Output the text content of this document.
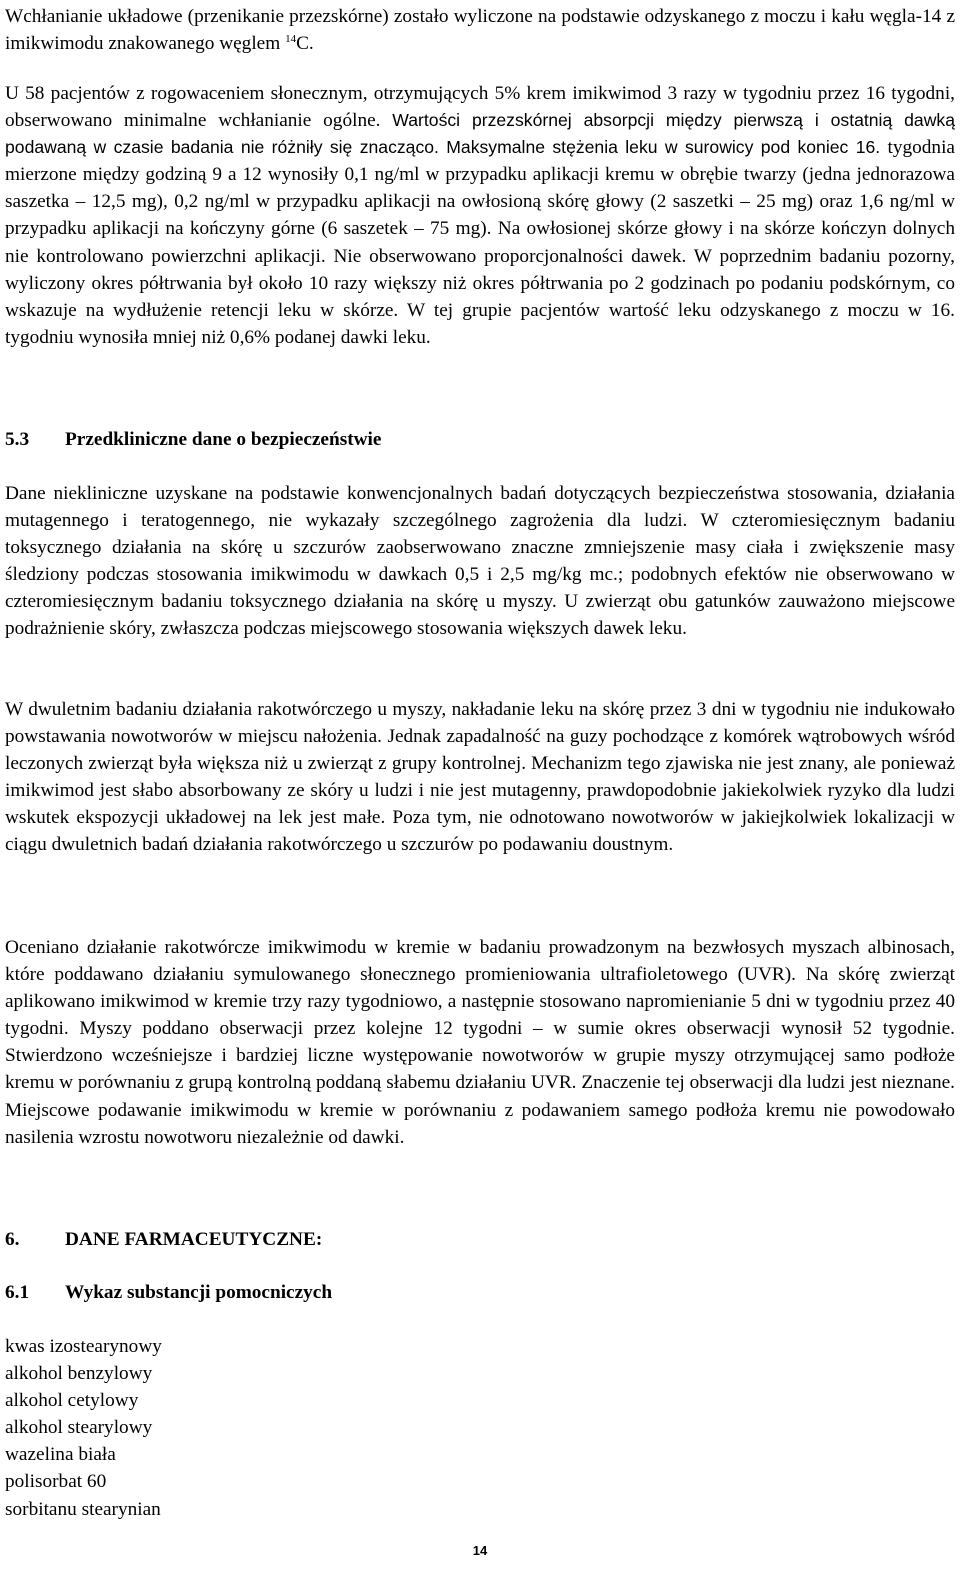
Wchłanianie układowe (przenikanie przezskórne) zostało wyliczone na podstawie odzyskanego z moczu i kału węgla-14 z imikwimodu znakowanego węglem $^{14}$C.

U 58 pacjentów z rogowaceniem słonecznym, otrzymujących 5% krem imikwimod 3 razy w tygodniu przez 16 tygodni, obserwowano minimalne wchłanianie ogólne. Wartości przezskórnej absorpcji między pierwszą i ostatnią dawką podawaną w czasie badania nie różniły się znacząco. Maksymalne stężenia leku w surowicy pod koniec 16. tygodnia mierzone między godziną 9 a 12 wynosiły 0,1 ng/ml w przypadku aplikacji kremu w obrębie twarzy (jedna jednorazowa saszetka – 12,5 mg), 0,2 ng/ml w przypadku aplikacji na owłosioną skórę głowy (2 saszetki – 25 mg) oraz 1,6 ng/ml w przypadku aplikacji na kończyny górne (6 saszetek – 75 mg). Na owłosionej skórze głowy i na skórze kończyn dolnych nie kontrolowano powierzchni aplikacji. Nie obserwowano proporcjonalności dawek. W poprzednim badaniu pozorny, wyliczony okres półtrwania był około 10 razy większy niż okres półtrwania po 2 godzinach po podaniu podskórnym, co wskazuje na wydłużenie retencji leku w skórze. W tej grupie pacjentów wartość leku odzyskanego z moczu w 16. tygodniu wynosiła mniej niż 0,6% podanej dawki leku.

5.3	Przedkliniczne dane o bezpieczeństwie

Dane niekliniczne uzyskane na podstawie konwencjonalnych badań dotyczących bezpieczeństwa stosowania, działania mutagennego i teratogennego, nie wykazały szczególnego zagrożenia dla ludzi. W czteromiesięcznym badaniu toksycznego działania na skórę u szczurów zaobserwowano znaczne zmniejszenie masy ciała i zwiększenie masy śledziony podczas stosowania imikwimodu w dawkach 0,5 i 2,5 mg/kg mc.; podobnych efektów nie obserwowano w czteromiesięcznym badaniu toksycznego działania na skórę u myszy. U zwierząt obu gatunków zauważono miejscowe podrażnienie skóry, zwłaszcza podczas miejscowego stosowania większych dawek leku.

W dwuletnim badaniu działania rakotwórczego u myszy, nakładanie leku na skórę przez 3 dni w tygodniu nie indukowało powstawania nowotworów w miejscu nałożenia. Jednak zapadalność na guzy pochodzące z komórek wątrobowych wśród leczonych zwierząt była większa niż u zwierząt z grupy kontrolnej. Mechanizm tego zjawiska nie jest znany, ale ponieważ imikwimod jest słabo absorbowany ze skóry u ludzi i nie jest mutagenny, prawdopodobnie jakiekolwiek ryzyko dla ludzi wskutek ekspozycji układowej na lek jest małe. Poza tym, nie odnotowano nowotworów w jakiejkolwiek lokalizacji w ciągu dwuletnich badań działania rakotwórczego u szczurów po podawaniu doustnym.

Oceniano działanie rakotwórcze imikwimodu w kremie w badaniu prowadzonym na bezwłosych myszach albinosach, które poddawano działaniu symulowanego słonecznego promieniowania ultrafioletowego (UVR). Na skórę zwierząt aplikowano imikwimod w kremie trzy razy tygodniowo, a następnie stosowano napromienianie 5 dni w tygodniu przez 40 tygodni. Myszy poddano obserwacji przez kolejne 12 tygodni – w sumie okres obserwacji wynosił 52 tygodnie. Stwierdzono wcześniejsze i bardziej liczne występowanie nowotworów w grupie myszy otrzymującej samo podłoże kremu w porównaniu z grupą kontrolną poddaną słabemu działaniu UVR. Znaczenie tej obserwacji dla ludzi jest nieznane. Miejscowe podawanie imikwimodu w kremie w porównaniu z podawaniem samego podłoża kremu nie powodowało nasilenia wzrostu nowotworu niezależnie od dawki.

6.	DANE FARMACEUTYCZNE:
6.1	Wykaz substancji pomocniczych
kwas izostearynowy
alkohol benzylowy
alkohol cetylowy
alkohol stearylowy
wazelina biała
polisorbat 60
sorbitanu stearynian
14
